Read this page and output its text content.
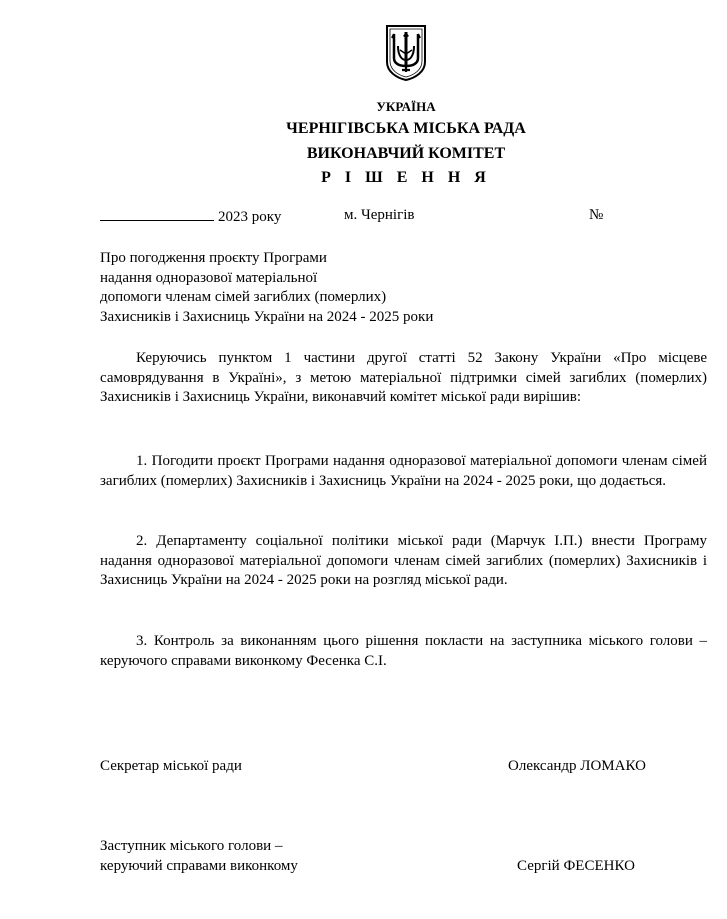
УКРАЇНА
ЧЕРНІГІВСЬКА МІСЬКА РАДА
ВИКОНАВЧИЙ КОМІТЕТ
Р І Ш Е Н Н Я
2023 року	м. Чернігів	№
Про погодження проєкту Програми
надання одноразової матеріальної
допомоги членам сімей загиблих (померлих)
Захисників і Захисниць України на 2024 - 2025 роки

Керуючись пунктом 1 частини другої статті 52 Закону України «Про місцеве самоврядування в Україні», з метою матеріальної підтримки сімей загиблих (померлих) Захисників і Захисниць України, виконавчий комітет міської ради вирішив:

1. Погодити проєкт Програми надання одноразової матеріальної допомоги членам сімей загиблих (померлих) Захисників і Захисниць України на 2024 - 2025 роки, що додається.

2. Департаменту соціальної політики міської ради (Марчук І.П.) внести Програму надання одноразової матеріальної допомоги членам сімей загиблих (померлих) Захисників і Захисниць України на 2024 - 2025 роки на розгляд міської ради.

3. Контроль за виконанням цього рішення покласти на заступника міського голови – керуючого справами виконкому Фесенка С.І.

Секретар міської ради	Олександр ЛОМАКО
Заступник міського голови –
керуючий справами виконкому	Сергій ФЕСЕНКО
